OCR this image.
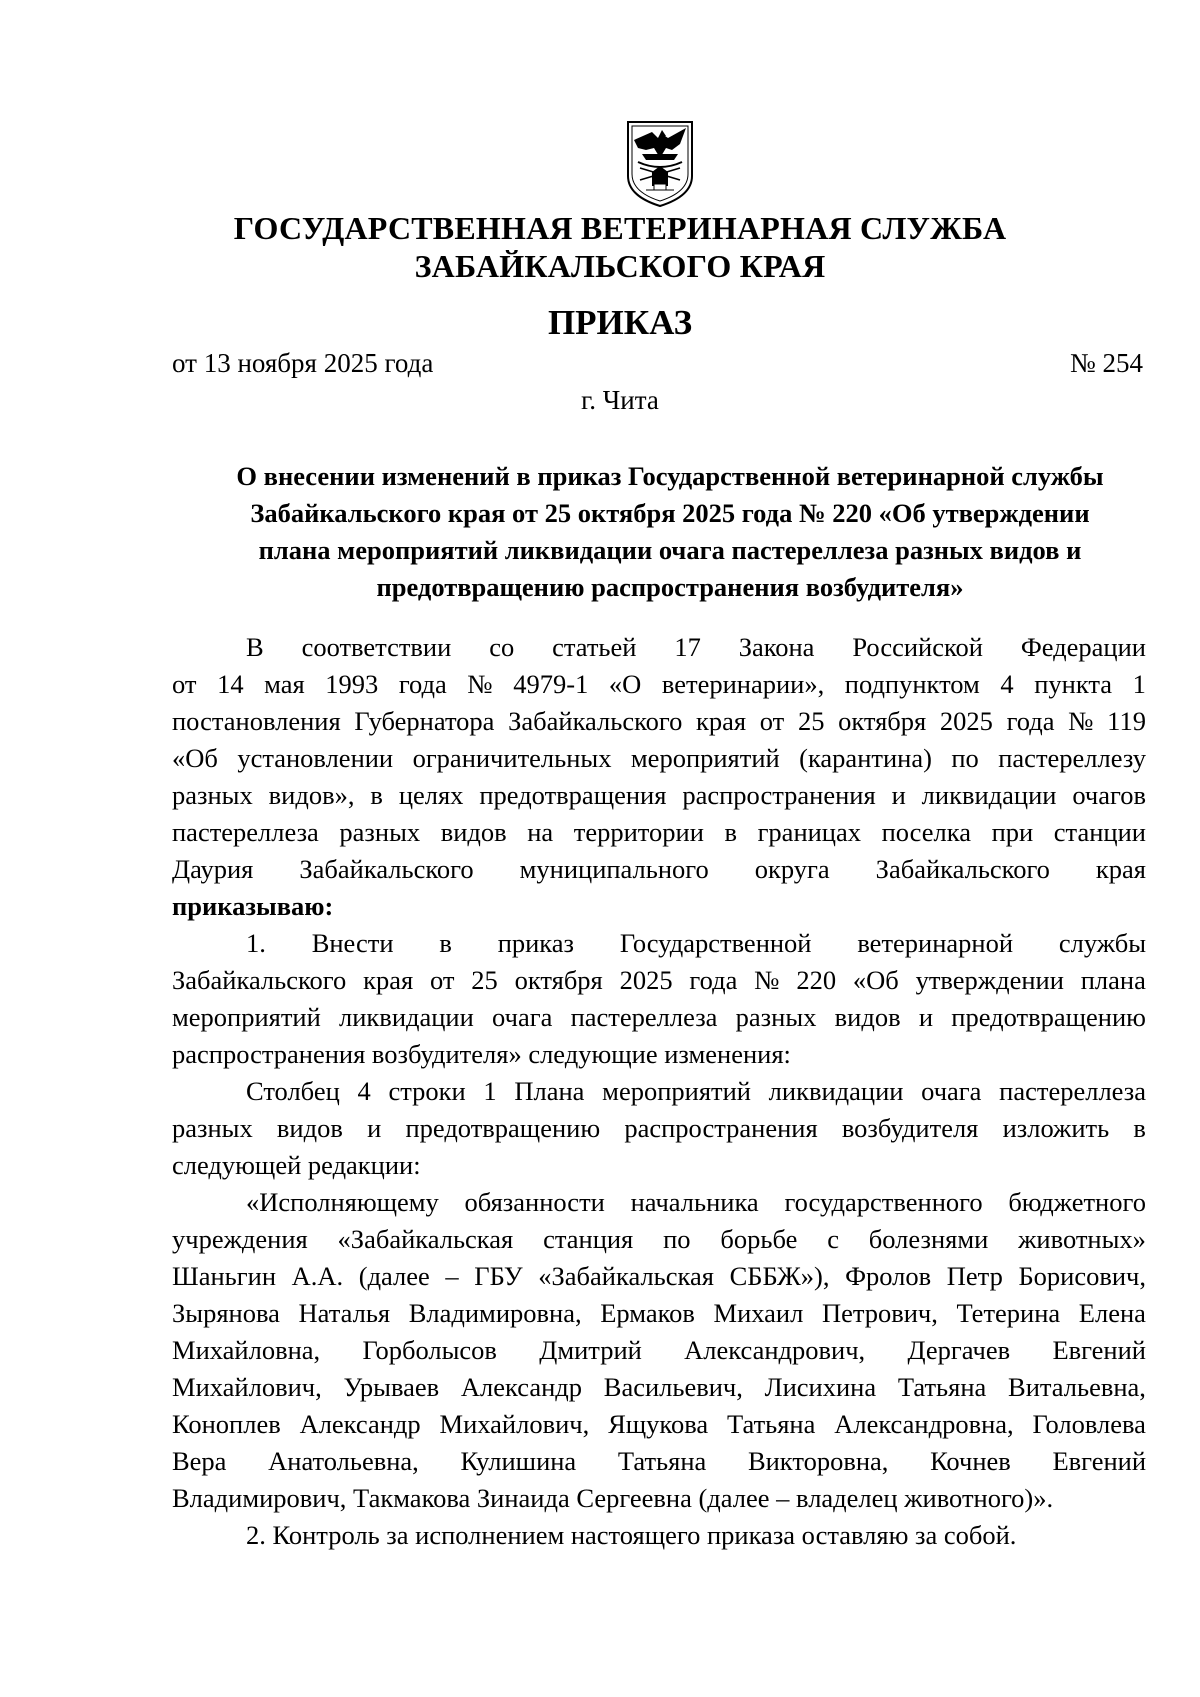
ГОСУДАРСТВЕННАЯ ВЕТЕРИНАРНАЯ СЛУЖБА
ЗАБАЙКАЛЬСКОГО КРАЯ
ПРИКАЗ
от 13 ноября 2025 года	№ 254
г. Чита
О внесении изменений в приказ Государственной ветеринарной службы
Забайкальского края от 25 октября 2025 года № 220 «Об утверждении
плана мероприятий ликвидации очага пастереллеза разных видов и
предотвращению распространения возбудителя»
В соответствии со статьей 17 Закона Российской Федерации
от 14 мая 1993 года № 4979-1 «О ветеринарии», подпунктом 4 пункта 1
постановления Губернатора Забайкальского края от 25 октября 2025 года № 119
«Об установлении ограничительных мероприятий (карантина) по пастереллезу
разных видов», в целях предотвращения распространения и ликвидации очагов
пастереллеза разных видов на территории в границах поселка при станции
Даурия Забайкальского муниципального округа Забайкальского края
приказываю:
1. Внести в приказ Государственной ветеринарной службы
Забайкальского края от 25 октября 2025 года № 220 «Об утверждении плана
мероприятий ликвидации очага пастереллеза разных видов и предотвращению
распространения возбудителя» следующие изменения:
Столбец 4 строки 1 Плана мероприятий ликвидации очага пастереллеза
разных видов и предотвращению распространения возбудителя изложить в
следующей редакции:
«Исполняющему обязанности начальника государственного бюджетного
учреждения «Забайкальская станция по борьбе с болезнями животных»
Шаньгин А.А. (далее – ГБУ «Забайкальская СББЖ»), Фролов Петр Борисович,
Зырянова Наталья Владимировна, Ермаков Михаил Петрович, Тетерина Елена
Михайловна, Горболысов Дмитрий Александрович, Дергачев Евгений
Михайлович, Урываев Александр Васильевич, Лисихина Татьяна Витальевна,
Коноплев Александр Михайлович, Ящукова Татьяна Александровна, Головлева
Вера Анатольевна, Кулишина Татьяна Викторовна, Кочнев Евгений
Владимирович, Такмакова Зинаида Сергеевна (далее – владелец животного)».
2. Контроль за исполнением настоящего приказа оставляю за собой.
